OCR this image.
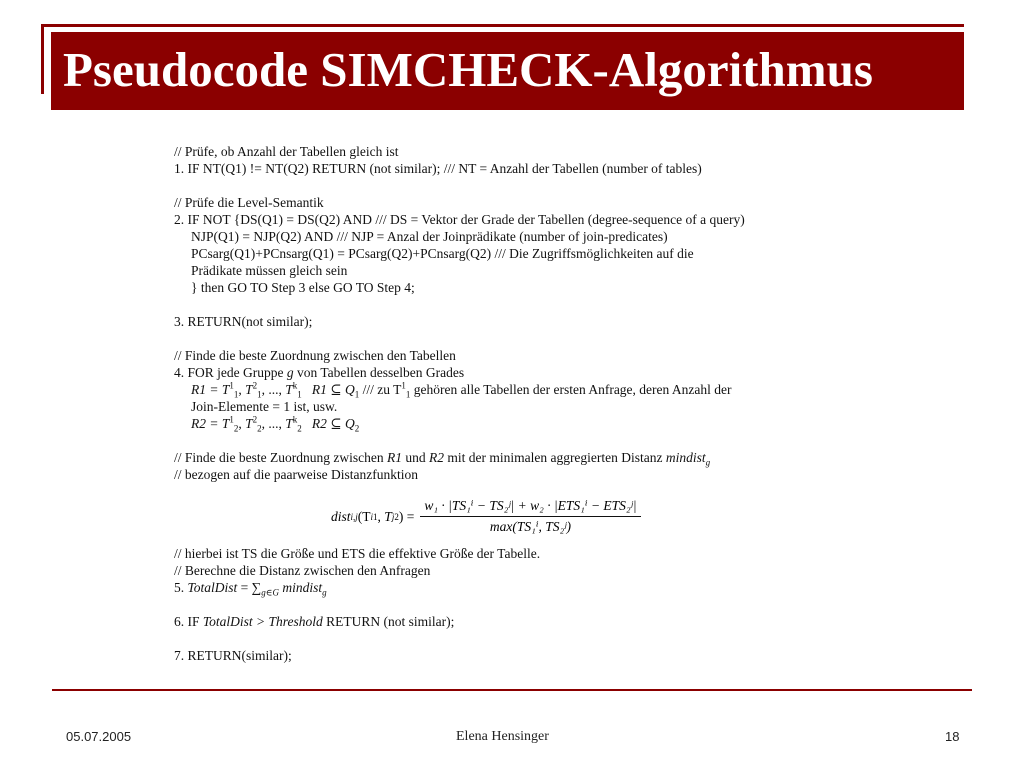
Pseudocode SIMCHECK-Algorithmus
// Prüfe, ob Anzahl der Tabellen gleich ist
1. IF NT(Q1) != NT(Q2) RETURN (not similar); /// NT = Anzahl der Tabellen (number of tables)
// Prüfe die Level-Semantik
2. IF NOT {DS(Q1) = DS(Q2) AND /// DS = Vektor der Grade der Tabellen (degree-sequence of a query)
NJP(Q1) = NJP(Q2) AND /// NJP = Anzal der Joinprädikate (number of join-predicates)
PCsarg(Q1)+PCnsarg(Q1) = PCsarg(Q2)+PCnsarg(Q2) /// Die Zugriffsmöglichkeiten auf die
Prädikate müssen gleich sein
} then GO TO Step 3 else GO TO Step 4;
3. RETURN(not similar);
// Finde die beste Zuordnung zwischen den Tabellen
4. FOR jede Gruppe g von Tabellen desselben Grades
$R1 = T^1_1$, $T^2_1$, ..., $T^k_1$   R1 ⊆ $Q_1$ /// zu $T^1_1$ gehören alle Tabellen der ersten Anfrage, deren Anzahl der
Join-Elemente = 1 ist, usw.
$R2 = T^1_2$, $T^2_2$, ..., $T^k_2$   R2 ⊆ $Q_2$
// Finde die beste Zuordnung zwischen R1 und R2 mit der minimalen aggregierten Distanz mindist$_g$
// bezogen auf die paarweise Distanzfunktion
// hierbei ist TS die Größe und ETS die effektive Größe der Tabelle.
// Berechne die Distanz zwischen den Anfragen
5. TotalDist = $\sum_{g\in G}$ mindist$_g$
6. IF TotalDist > Threshold RETURN (not similar);
7. RETURN(similar);
dist i,j (T i 1 , T j 2 ) = $\frac{\text{w₁ · |TS₁ⁱ − TS₂ʲ| + w₂ · |ETS₁ⁱ − ETS₂ʲ|}}{\text{max(TS₁ⁱ, TS₂ʲ)}}$
05.07.2005	Elena Hensinger	18
